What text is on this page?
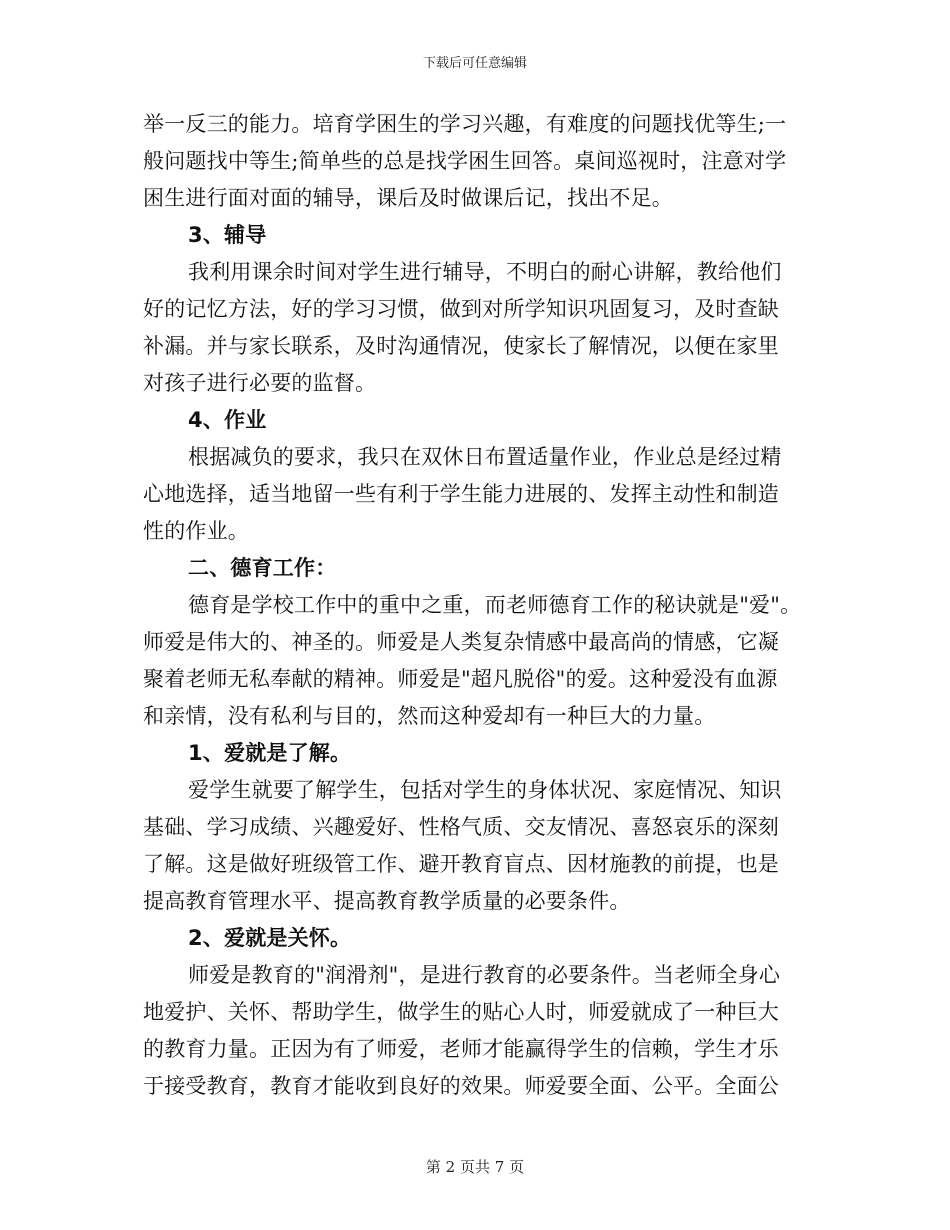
下载后可任意编辑
举一反三的能力。培育学困生的学习兴趣，有难度的问题找优等生;一
般问题找中等生;简单些的总是找学困生回答。桌间巡视时，注意对学
困生进行面对面的辅导，课后及时做课后记，找出不足。
3、辅导
我利用课余时间对学生进行辅导，不明白的耐心讲解，教给他们
好的记忆方法，好的学习习惯，做到对所学知识巩固复习，及时查缺
补漏。并与家长联系，及时沟通情况，使家长了解情况，以便在家里
对孩子进行必要的监督。
4、作业
根据减负的要求，我只在双休日布置适量作业，作业总是经过精
心地选择，适当地留一些有利于学生能力进展的、发挥主动性和制造
性的作业。
二、德育工作：
德育是学校工作中的重中之重，而老师德育工作的秘诀就是"爱"。
师爱是伟大的、神圣的。师爱是人类复杂情感中最高尚的情感，它凝
聚着老师无私奉献的精神。师爱是"超凡脱俗"的爱。这种爱没有血源
和亲情，没有私利与目的，然而这种爱却有一种巨大的力量。
1、爱就是了解。
爱学生就要了解学生，包括对学生的身体状况、家庭情况、知识
基础、学习成绩、兴趣爱好、性格气质、交友情况、喜怒哀乐的深刻
了解。这是做好班级管工作、避开教育盲点、因材施教的前提，也是
提高教育管理水平、提高教育教学质量的必要条件。
2、爱就是关怀。
师爱是教育的"润滑剂"，是进行教育的必要条件。当老师全身心
地爱护、关怀、帮助学生，做学生的贴心人时，师爱就成了一种巨大
的教育力量。正因为有了师爱，老师才能赢得学生的信赖，学生才乐
于接受教育，教育才能收到良好的效果。师爱要全面、公平。全面公
第 2 页共 7 页
